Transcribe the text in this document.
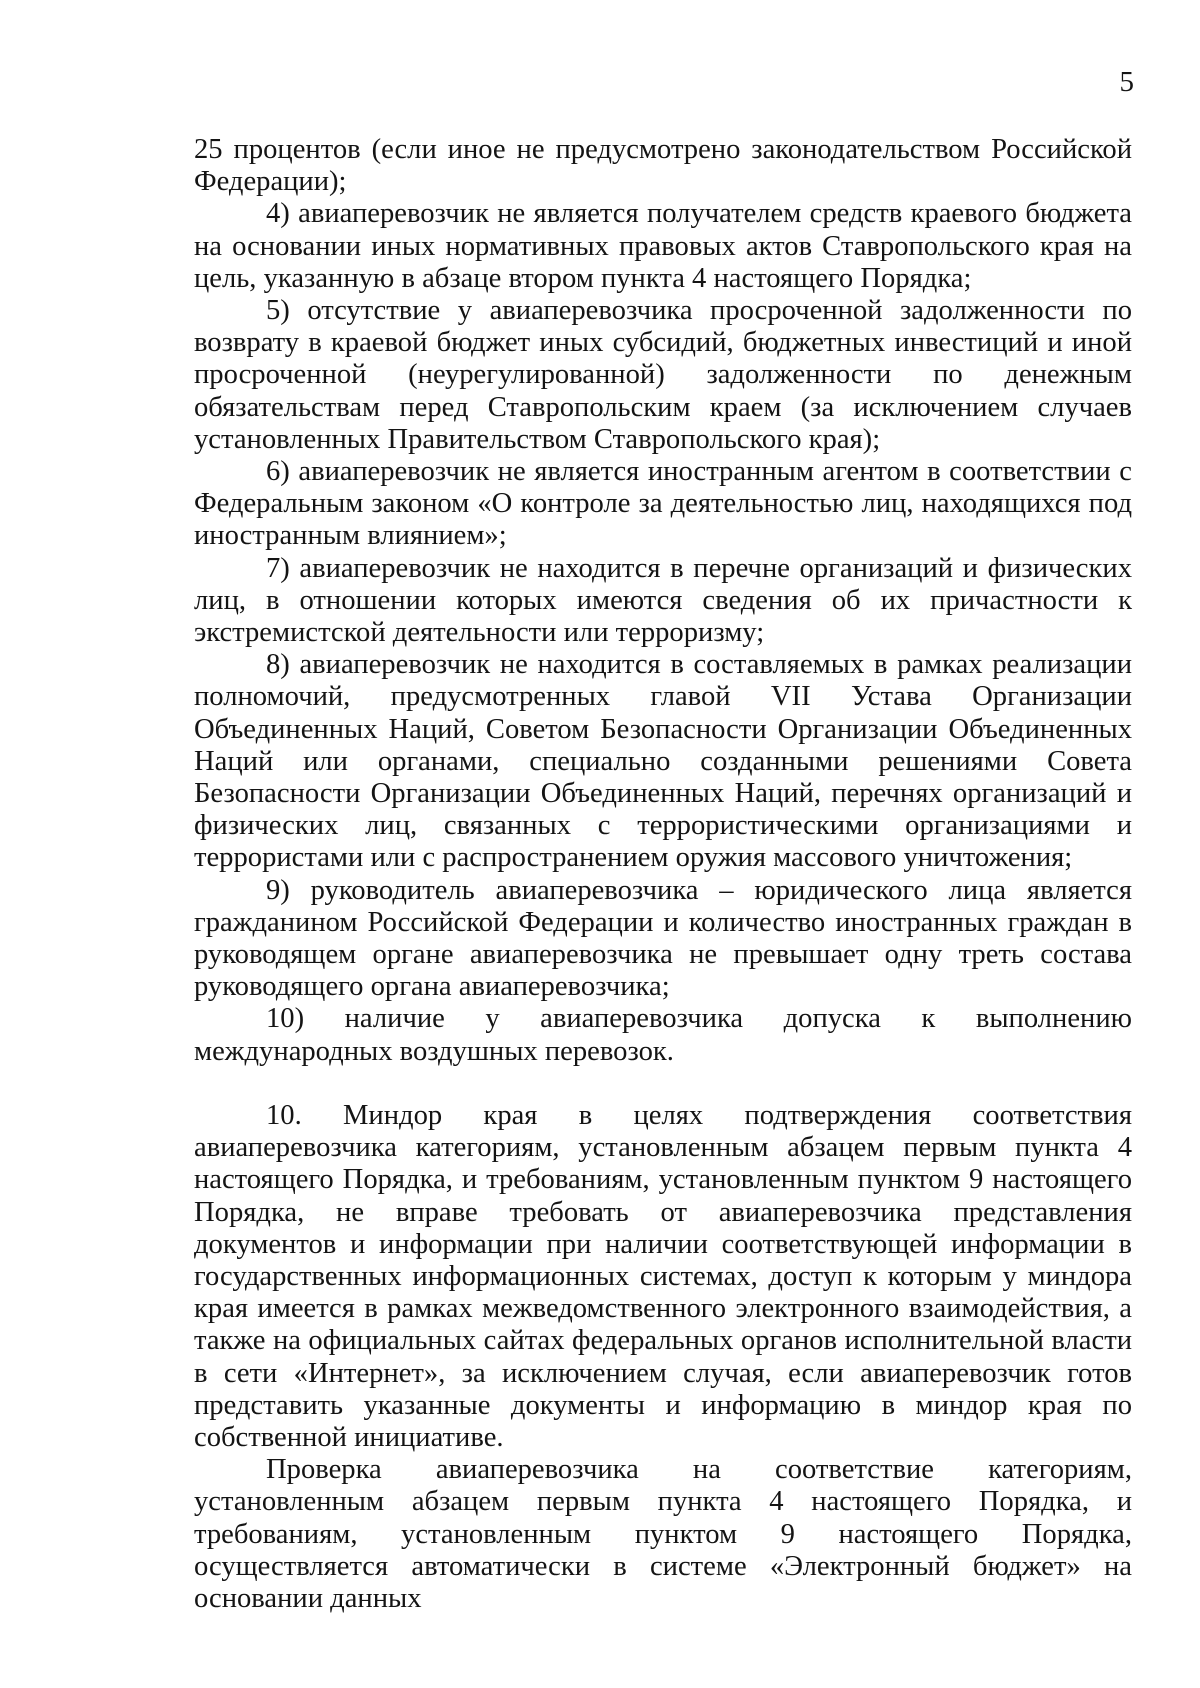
5

25 процентов (если иное не предусмотрено законодательством Российской Федерации);

4) авиаперевозчик не является получателем средств краевого бюджета на основании иных нормативных правовых актов Ставропольского края на цель, указанную в абзаце втором пункта 4 настоящего Порядка;

5) отсутствие у авиаперевозчика просроченной задолженности по возврату в краевой бюджет иных субсидий, бюджетных инвестиций и иной просроченной (неурегулированной) задолженности по денежным обязательствам перед Ставропольским краем (за исключением случаев установленных Правительством Ставропольского края);

6) авиаперевозчик не является иностранным агентом в соответствии с Федеральным законом «О контроле за деятельностью лиц, находящихся под иностранным влиянием»;

7) авиаперевозчик не находится в перечне организаций и физических лиц, в отношении которых имеются сведения об их причастности к экстремистской деятельности или терроризму;

8) авиаперевозчик не находится в составляемых в рамках реализации полномочий, предусмотренных главой VII Устава Организации Объединенных Наций, Советом Безопасности Организации Объединенных Наций или органами, специально созданными решениями Совета Безопасности Организации Объединенных Наций, перечнях организаций и физических лиц, связанных с террористическими организациями и террористами или с распространением оружия массового уничтожения;

9) руководитель авиаперевозчика – юридического лица является гражданином Российской Федерации и количество иностранных граждан в руководящем органе авиаперевозчика не превышает одну треть состава руководящего органа авиаперевозчика;

10) наличие у авиаперевозчика допуска к выполнению международных воздушных перевозок.

10. Миндор края в целях подтверждения соответствия авиаперевозчика категориям, установленным абзацем первым пункта 4 настоящего Порядка, и требованиям, установленным пунктом 9 настоящего Порядка, не вправе требовать от авиаперевозчика представления документов и информации при наличии соответствующей информации в государственных информационных системах, доступ к которым у миндора края имеется в рамках межведомственного электронного взаимодействия, а также на официальных сайтах федеральных органов исполнительной власти в сети «Интернет», за исключением случая, если авиаперевозчик готов представить указанные документы и информацию в миндор края по собственной инициативе.

Проверка авиаперевозчика на соответствие категориям, установленным абзацем первым пункта 4 настоящего Порядка, и требованиям, установленным пунктом 9 настоящего Порядка, осуществляется автоматически в системе «Электронный бюджет» на основании данных
